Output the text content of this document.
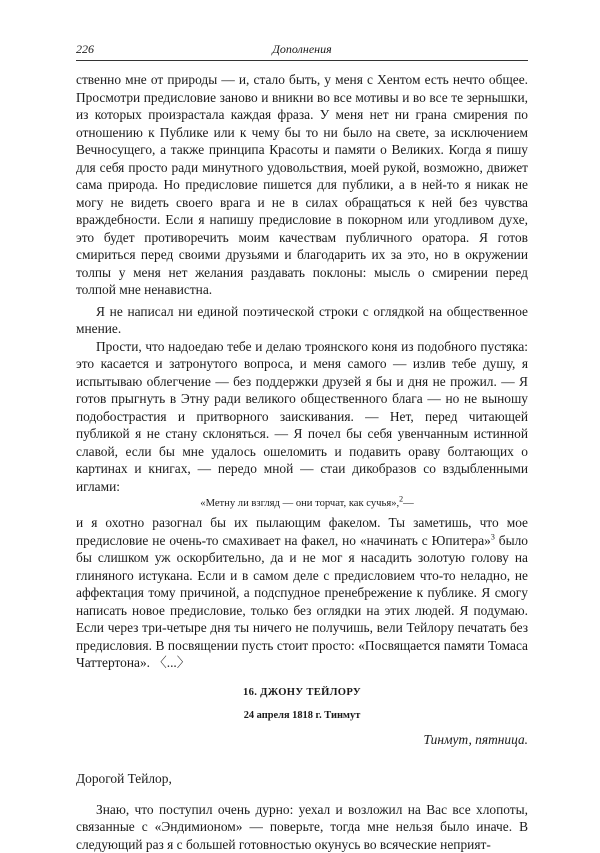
226	Дополнения

ственно мне от природы — и, стало быть, у меня с Хентом есть нечто общее. Просмотри предисловие заново и вникни во все мотивы и во все те зернышки, из которых произрастала каждая фраза. У меня нет ни грана смирения по отношению к Публике или к чему бы то ни было на свете, за исключением Вечносущего, а также принципа Красоты и памяти о Великих. Когда я пишу для себя просто ради минутного удовольствия, моей рукой, возможно, движет сама природа. Но предисловие пишется для публики, а в ней-то я никак не могу не видеть своего врага и не в силах обращаться к ней без чувства враждебности. Если я напишу предисловие в покорном или угодливом духе, это будет противоречить моим качествам публичного оратора. Я готов смириться перед своими друзьями и благодарить их за это, но в окружении толпы у меня нет желания раздавать поклоны: мысль о смирении перед толпой мне ненавистна.

Я не написал ни единой поэтической строки с оглядкой на общественное мнение.

Прости, что надоедаю тебе и делаю троянского коня из подобного пустяка: это касается и затронутого вопроса, и меня самого — излив тебе душу, я испытываю облегчение — без поддержки друзей я бы и дня не прожил. — Я готов прыгнуть в Этну ради великого общественного блага — но не выношу подобострастия и притворного заискивания. — Нет, перед читающей публикой я не стану склоняться. — Я почел бы себя увенчанным истинной славой, если бы мне удалось ошеломить и подавить ораву болтающих о картинах и книгах, — передо мной — стаи дикобразов со вздыбленными иглами:

«Метну ли взгляд — они торчат, как сучья»,$^2$—

и я охотно разогнал бы их пылающим факелом. Ты заметишь, что мое предисловие не очень-то смахивает на факел, но «начинать с Юпитера»$^3$ было бы слишком уж оскорбительно, да и не мог я насадить золотую голову на глиняного истукана. Если и в самом деле с предисловием что-то неладно, не аффектация тому причиной, а подспудное пренебрежение к публике. Я смогу написать новое предисловие, только без оглядки на этих людей. Я подумаю. Если через три-четыре дня ты ничего не получишь, вели Тейлору печатать без предисловия. В посвящении пусть стоит просто: «Посвящается памяти Томаса Чаттертона». 〈...〉

16. ДЖОНУ ТЕЙЛОРУ
24 апреля 1818 г. Тинмут
Тинмут, пятница.
Дорогой Тейлор,

Знаю, что поступил очень дурно: уехал и возложил на Вас все хлопоты, связанные с «Эндимионом» — поверьте, тогда мне нельзя было иначе. В следующий раз я с большей готовностью окунусь во всяческие неприят-
